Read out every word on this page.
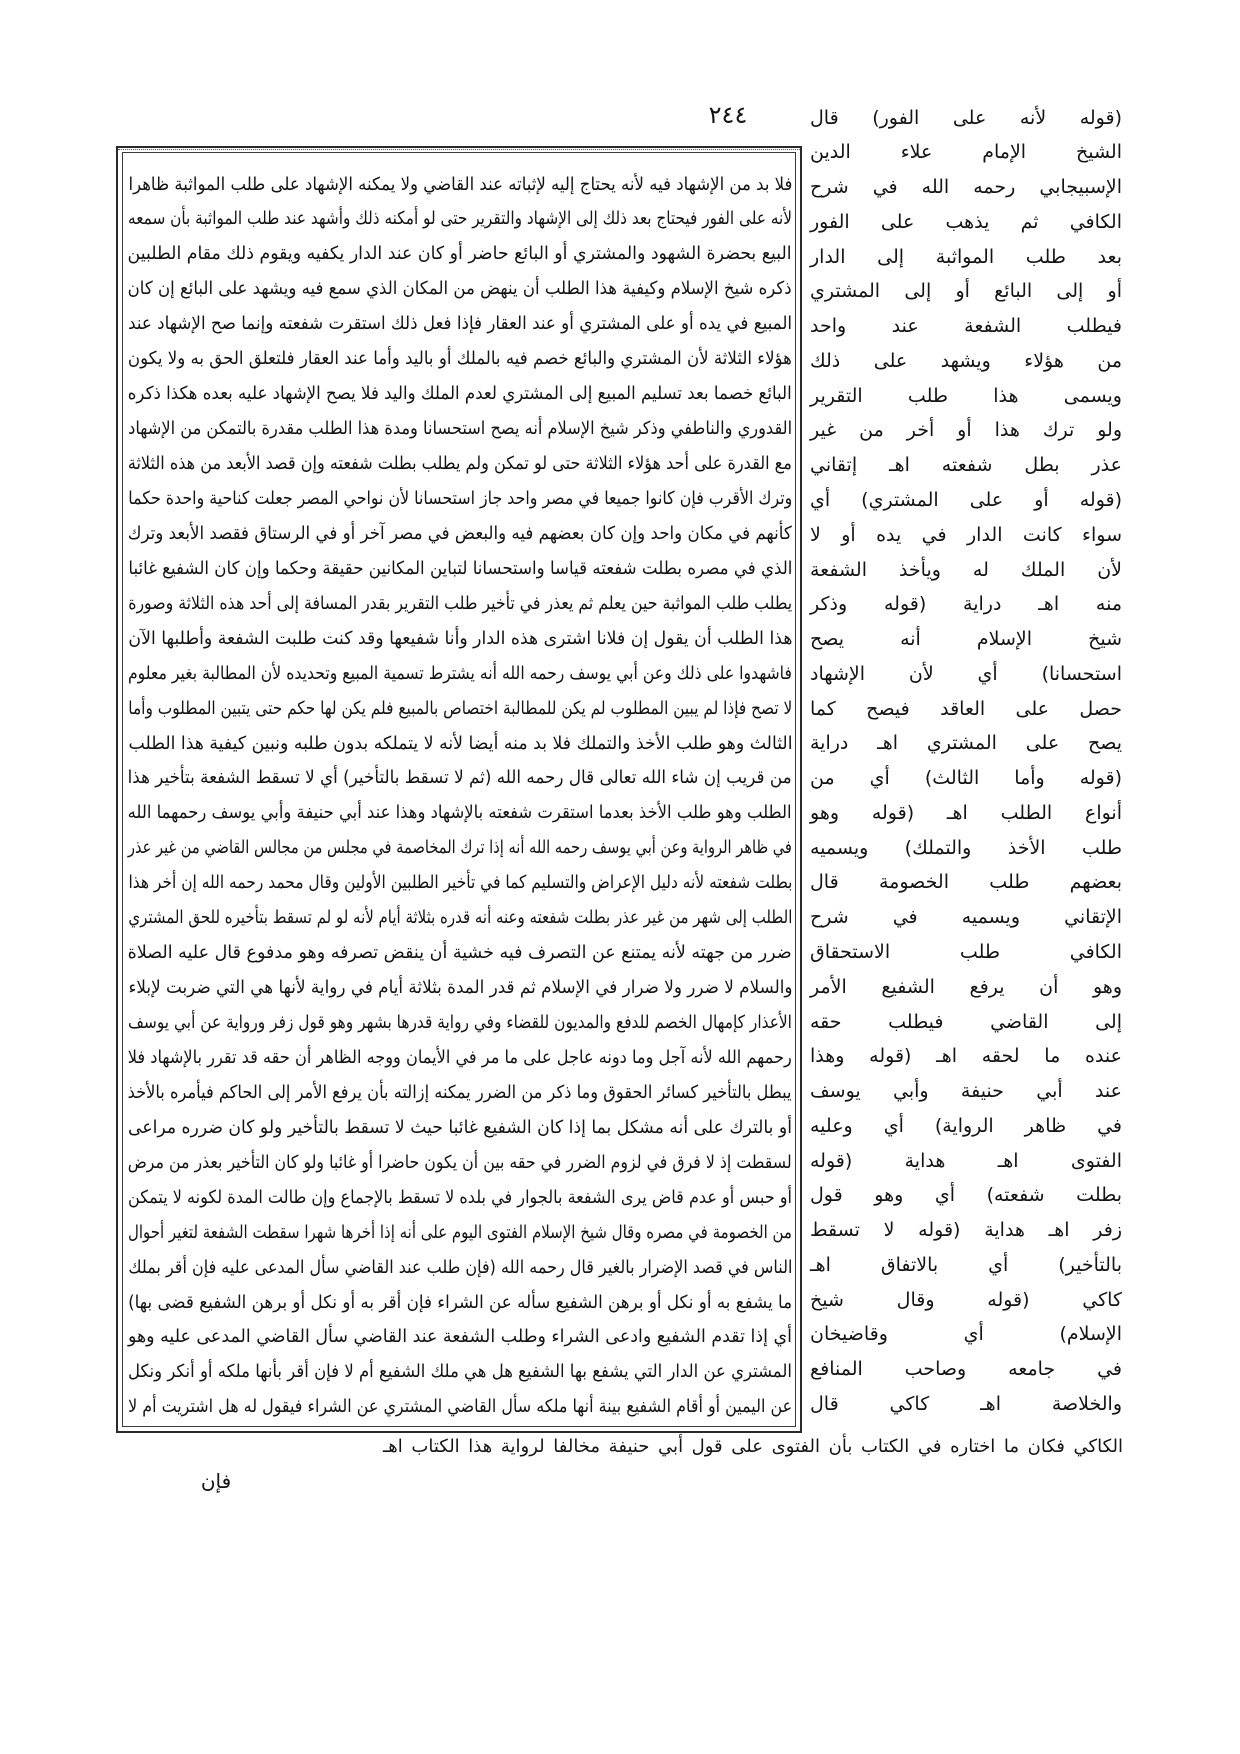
٢٤٤
فلا بد من الإشهاد فيه لأنه يحتاج إليه لإثباته عند القاضي ولا يمكنه الإشهاد على طلب المواثبة ظاهرا
لأنه على الفور فيحتاج بعد ذلك إلى الإشهاد والتقرير حتى لو أمكنه ذلك وأشهد عند طلب المواثبة بأن سمعه
البيع بحضرة الشهود والمشتري أو البائع حاضر أو كان عند الدار يكفيه ويقوم ذلك مقام الطلبين
ذكره شيخ الإسلام وكيفية هذا الطلب أن ينهض من المكان الذي سمع فيه ويشهد على البائع إن كان
المبيع في يده أو على المشتري أو عند العقار فإذا فعل ذلك استقرت شفعته وإنما صح الإشهاد عند
هؤلاء الثلاثة لأن المشتري والبائع خصم فيه بالملك أو باليد وأما عند العقار فلتعلق الحق به ولا يكون
البائع خصما بعد تسليم المبيع إلى المشتري لعدم الملك واليد فلا يصح الإشهاد عليه بعده هكذا ذكره
القدوري والناطفي وذكر شيخ الإسلام أنه يصح استحسانا ومدة هذا الطلب مقدرة بالتمكن من الإشهاد
مع القدرة على أحد هؤلاء الثلاثة حتى لو تمكن ولم يطلب بطلت شفعته وإن قصد الأبعد من هذه الثلاثة
وترك الأقرب فإن كانوا جميعا في مصر واحد جاز استحسانا لأن نواحي المصر جعلت كناحية واحدة حكما
كأنهم في مكان واحد وإن كان بعضهم فيه والبعض في مصر آخر أو في الرستاق فقصد الأبعد وترك
الذي في مصره بطلت شفعته قياسا واستحسانا لتباين المكانين حقيقة وحكما وإن كان الشفيع غائبا
يطلب طلب المواثبة حين يعلم ثم يعذر في تأخير طلب التقرير بقدر المسافة إلى أحد هذه الثلاثة وصورة
هذا الطلب أن يقول إن فلانا اشترى هذه الدار وأنا شفيعها وقد كنت طلبت الشفعة وأطلبها الآن
فاشهدوا على ذلك وعن أبي يوسف رحمه الله أنه يشترط تسمية المبيع وتحديده لأن المطالبة بغير معلوم
لا تصح فإذا لم يبين المطلوب لم يكن للمطالبة اختصاص بالمبيع فلم يكن لها حكم حتى يتبين المطلوب وأما
الثالث وهو طلب الأخذ والتملك فلا بد منه أيضا لأنه لا يتملكه بدون طلبه ونبين كيفية هذا الطلب
من قريب إن شاء الله تعالى قال رحمه الله (ثم لا تسقط بالتأخير) أي لا تسقط الشفعة بتأخير هذا
الطلب وهو طلب الأخذ بعدما استقرت شفعته بالإشهاد وهذا عند أبي حنيفة وأبي يوسف رحمهما الله
في ظاهر الرواية وعن أبي يوسف رحمه الله أنه إذا ترك المخاصمة في مجلس من مجالس القاضي من غير عذر
بطلت شفعته لأنه دليل الإعراض والتسليم كما في تأخير الطلبين الأولين وقال محمد رحمه الله إن أخر هذا
الطلب إلى شهر من غير عذر بطلت شفعته وعنه أنه قدره بثلاثة أيام لأنه لو لم تسقط بتأخيره للحق المشتري
ضرر من جهته لأنه يمتنع عن التصرف فيه خشية أن ينقض تصرفه وهو مدفوع قال عليه الصلاة
والسلام لا ضرر ولا ضرار في الإسلام ثم قدر المدة بثلاثة أيام في رواية لأنها هي التي ضربت لإبلاء
الأعذار كإمهال الخصم للدفع والمديون للقضاء وفي رواية قدرها بشهر وهو قول زفر ورواية عن أبي يوسف
رحمهم الله لأنه آجل وما دونه عاجل على ما مر في الأيمان ووجه الظاهر أن حقه قد تقرر بالإشهاد فلا
يبطل بالتأخير كسائر الحقوق وما ذكر من الضرر يمكنه إزالته بأن يرفع الأمر إلى الحاكم فيأمره بالأخذ
أو بالترك على أنه مشكل بما إذا كان الشفيع غائبا حيث لا تسقط بالتأخير ولو كان ضرره مراعى
لسقطت إذ لا فرق في لزوم الضرر في حقه بين أن يكون حاضرا أو غائبا ولو كان التأخير بعذر من مرض
أو حبس أو عدم قاض يرى الشفعة بالجوار في بلده لا تسقط بالإجماع وإن طالت المدة لكونه لا يتمكن
من الخصومة في مصره وقال شيخ الإسلام الفتوى اليوم على أنه إذا أخرها شهرا سقطت الشفعة لتغير أحوال
الناس في قصد الإضرار بالغير قال رحمه الله (فإن طلب عند القاضي سأل المدعى عليه فإن أقر بملك
ما يشفع به أو نكل أو برهن الشفيع سأله عن الشراء فإن أقر به أو نكل أو برهن الشفيع قضى بها)
أي إذا تقدم الشفيع وادعى الشراء وطلب الشفعة عند القاضي سأل القاضي المدعى عليه وهو
المشتري عن الدار التي يشفع بها الشفيع هل هي ملك الشفيع أم لا فإن أقر بأنها ملكه أو أنكر ونكل
عن اليمين أو أقام الشفيع بينة أنها ملكه سأل القاضي المشتري عن الشراء فيقول له هل اشتريت أم لا
(قوله لأنه على الفور) قال
الشيخ الإمام علاء الدين
الإسبيجابي رحمه الله في شرح
الكافي ثم يذهب على الفور
بعد طلب المواثبة إلى الدار
أو إلى البائع أو إلى المشتري
فيطلب الشفعة عند واحد
من هؤلاء ويشهد على ذلك
ويسمى هذا طلب التقرير
ولو ترك هذا أو أخر من غير
عذر بطل شفعته اهـ إتقاني
(قوله أو على المشتري) أي
سواء كانت الدار في يده أو لا
لأن الملك له ويأخذ الشفعة
منه اهـ دراية (قوله وذكر
شيخ الإسلام أنه يصح
استحسانا) أي لأن الإشهاد
حصل على العاقد فيصح كما
يصح على المشتري اهـ دراية
(قوله وأما الثالث) أي من
أنواع الطلب اهـ (قوله وهو
طلب الأخذ والتملك) ويسميه
بعضهم طلب الخصومة قال
الإتقاني ويسميه في شرح
الكافي طلب الاستحقاق
وهو أن يرفع الشفيع الأمر
إلى القاضي فيطلب حقه
عنده ما لحقه اهـ (قوله وهذا
عند أبي حنيفة وأبي يوسف
في ظاهر الرواية) أي وعليه
الفتوى اهـ هداية (قوله
بطلت شفعته) أي وهو قول
زفر اهـ هداية (قوله لا تسقط
بالتأخير) أي بالاتفاق اهـ
كاكي (قوله وقال شيخ
الإسلام) أي وقاضيخان
في جامعه وصاحب المنافع
والخلاصة اهـ كاكي قال
الكاكي فكان ما اختاره في الكتاب بأن الفتوى على قول أبي حنيفة مخالفا لرواية هذا الكتاب اهـ
فإن
